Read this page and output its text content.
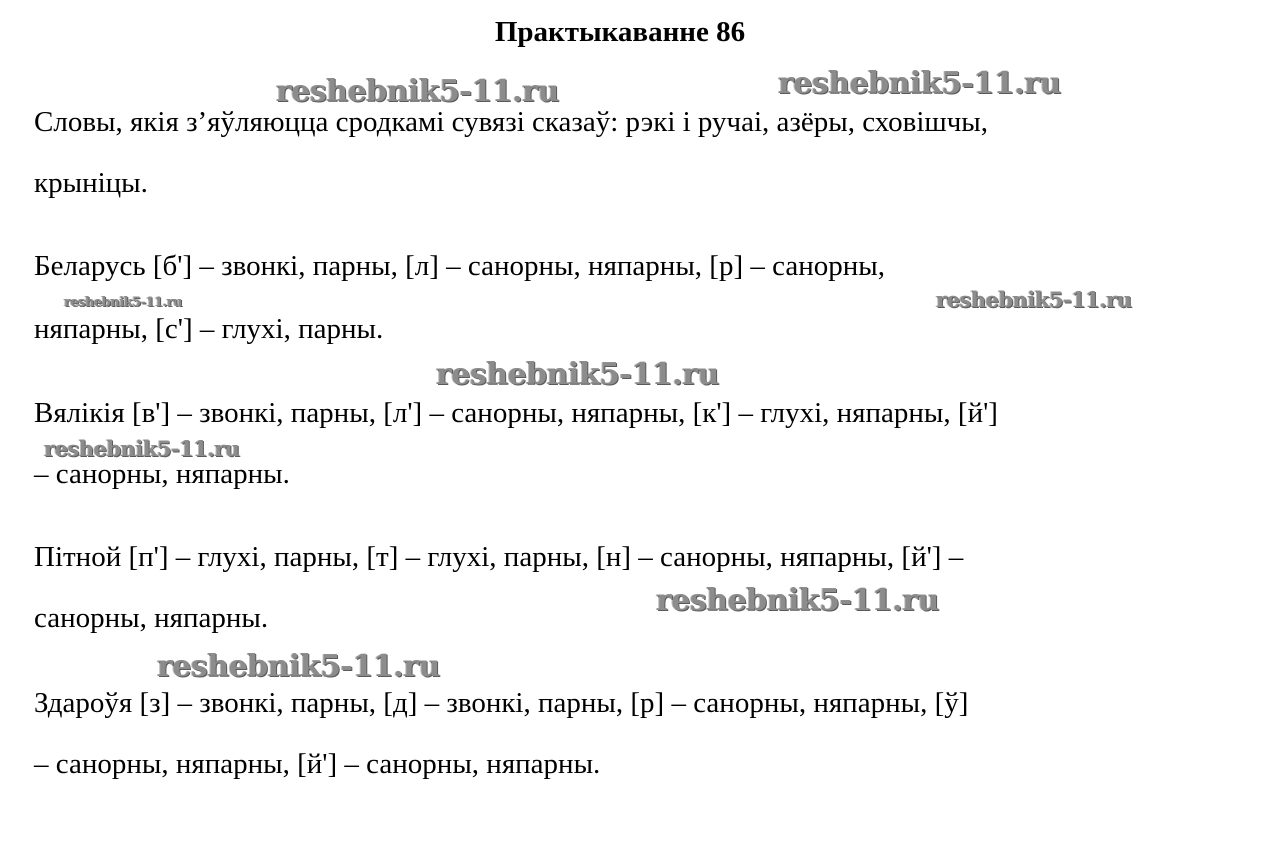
Практыкаванне 86
Словы, якія з’яўляюцца сродкамі сувязі сказаў: рэкі і ручаі, азёры, сховішчы,
крыніцы.
Беларусь [б'] – звонкі, парны, [л] – санорны, няпарны, [р] – санорны,
няпарны, [с'] – глухі, парны.
Вялікія [в'] – звонкі, парны, [л'] – санорны, няпарны, [к'] – глухі, няпарны, [й']
– санорны, няпарны.
Пітной [п'] – глухі, парны, [т] – глухі, парны, [н] – санорны, няпарны, [й'] –
санорны, няпарны.
Здароўя [з] – звонкі, парны, [д] – звонкі, парны, [р] – санорны, няпарны, [ў]
– санорны, няпарны, [й'] – санорны, няпарны.
reshebnik5-11.ru	reshebnik5-11.ru
reshebnik5-11.ru	reshebnik5-11.ru
reshebnik5-11.ru
reshebnik5-11.ru
reshebnik5-11.ru
reshebnik5-11.ru
